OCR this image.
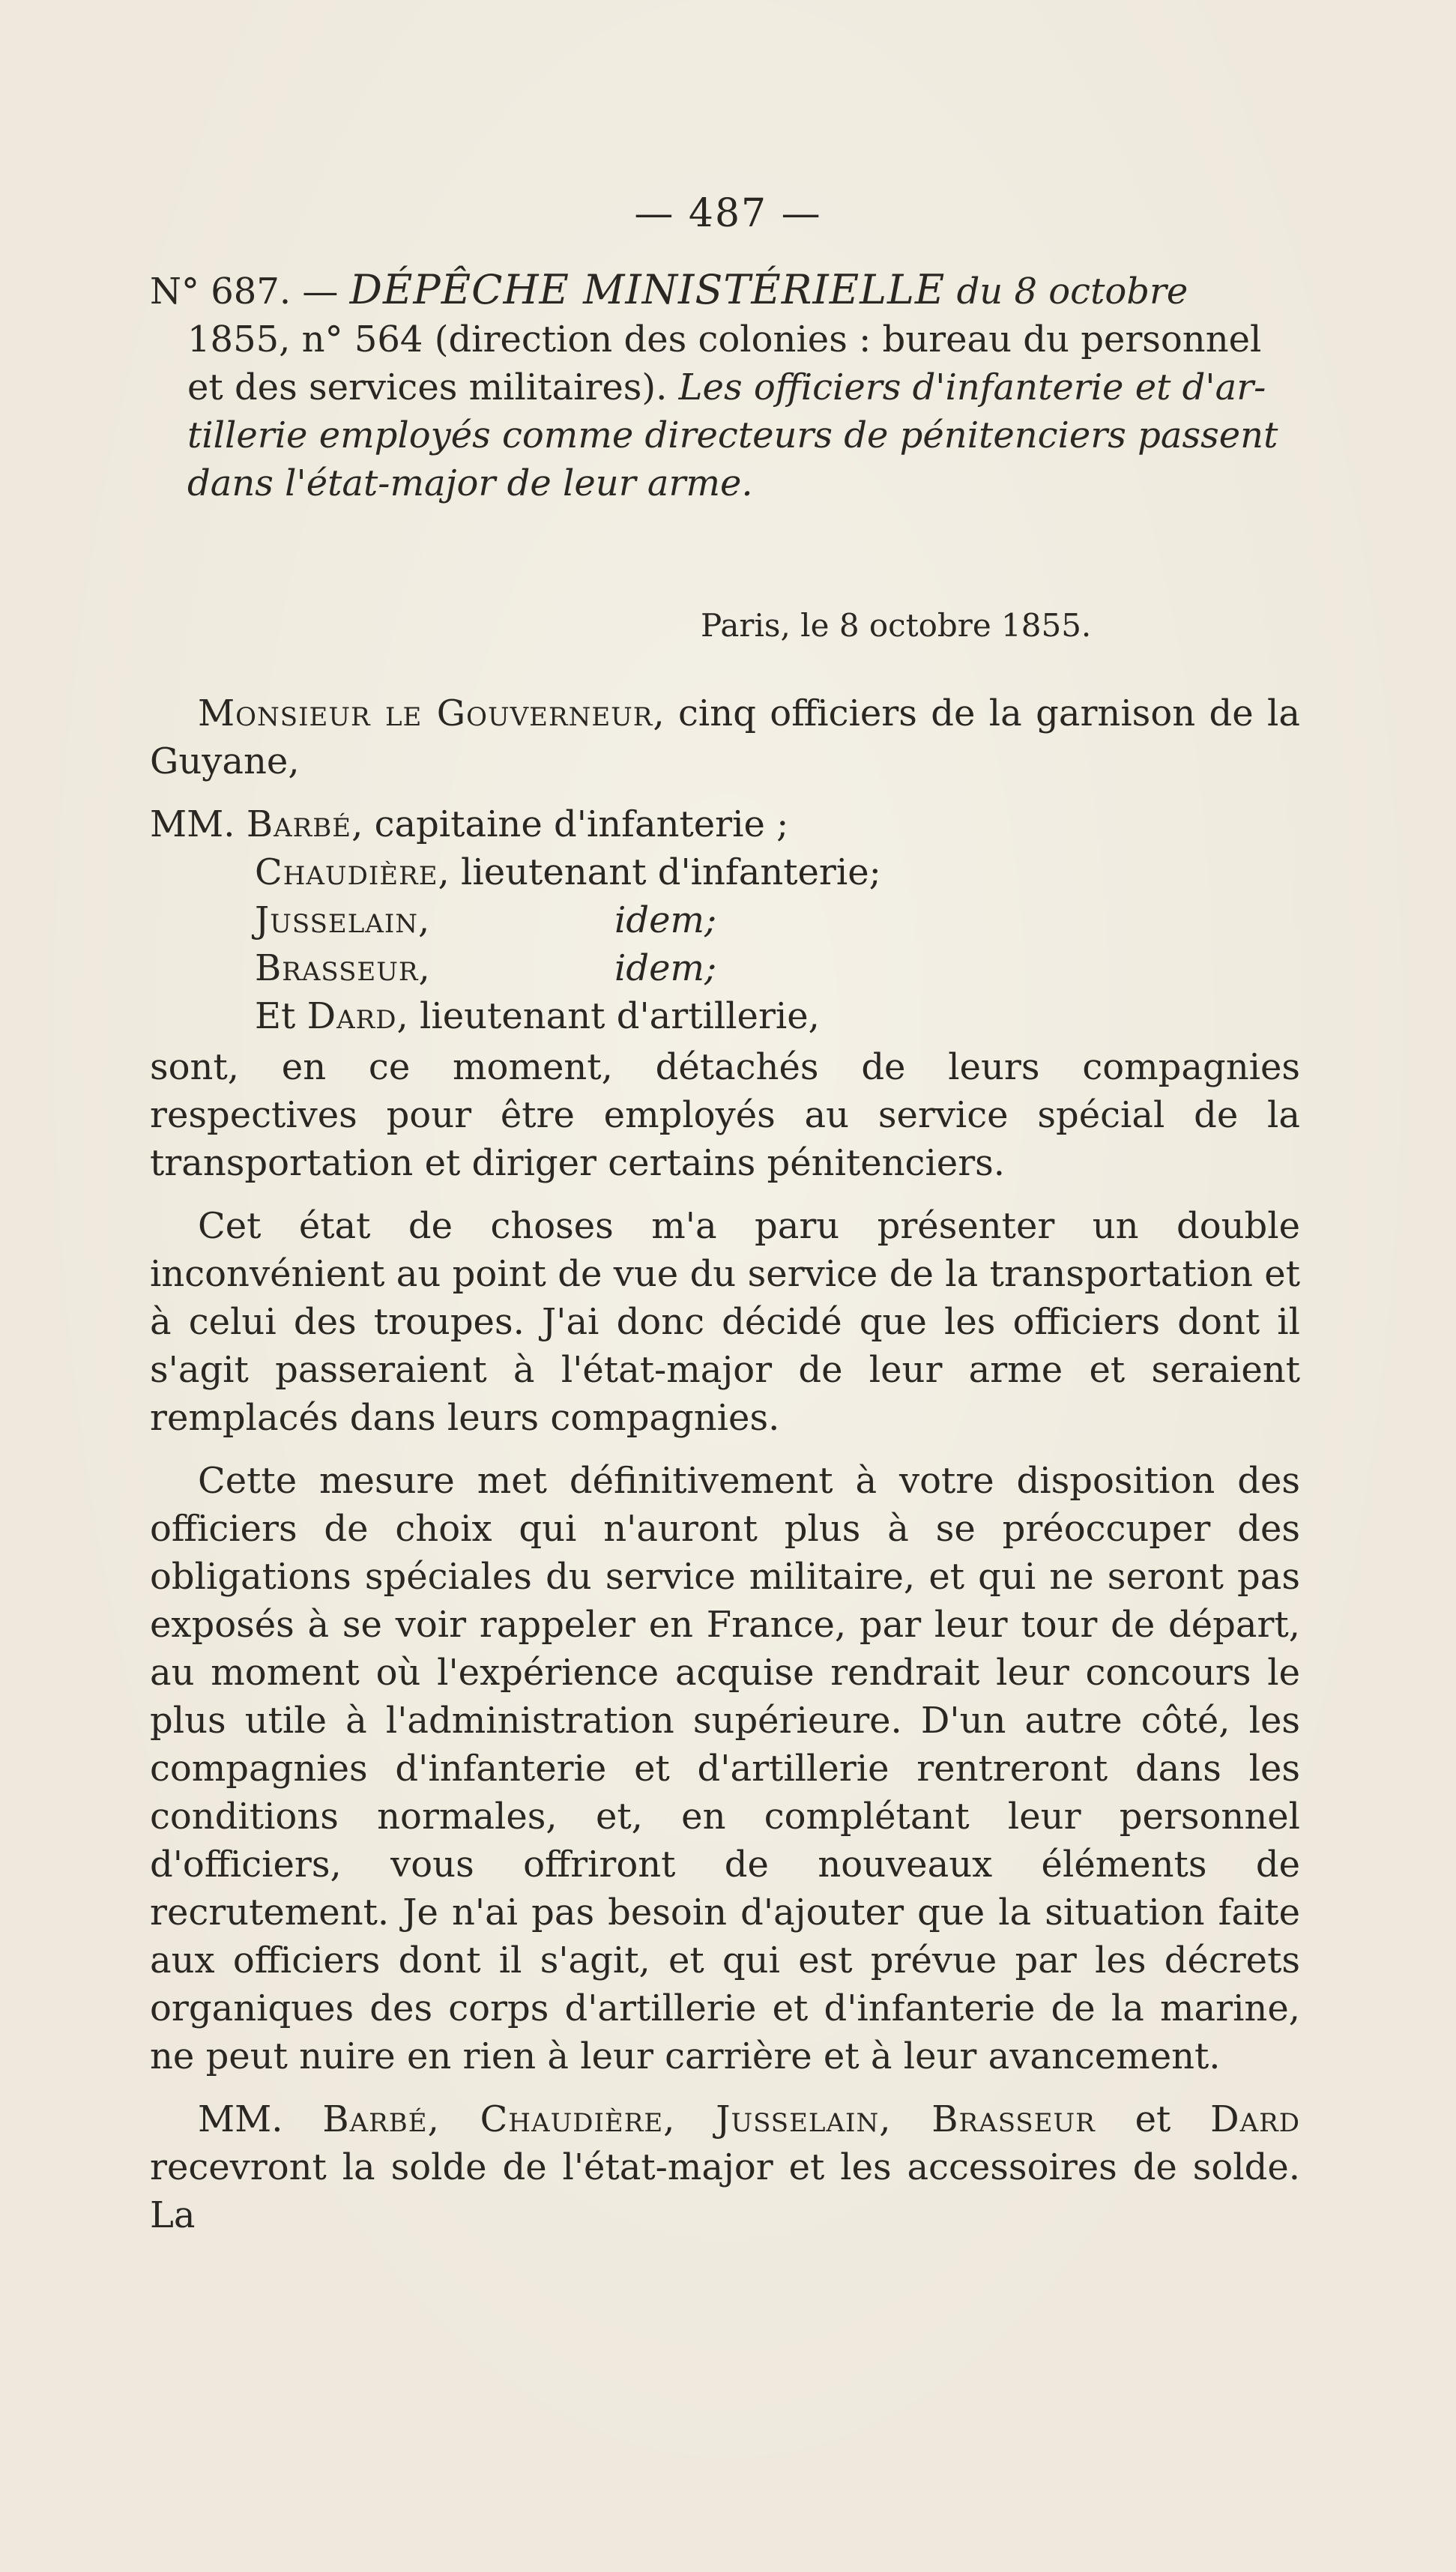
— 487 —
N° 687. — DÉPÊCHE MINISTÉRIELLE du 8 octobre
1855, n° 564 (direction des colonies : bureau du personnel
et des services militaires). Les officiers d'infanterie et d'ar-
tillerie employés comme directeurs de pénitenciers passent
dans l'état-major de leur arme.
Paris, le 8 octobre 1855.

Monsieur le Gouverneur, cinq officiers de la garnison de la Guyane,

MM.
Barbé , capitaine d'infanterie ;
Chaudière , lieutenant d'infanterie;
Jusselain,	idem;
Brasseur,	idem;
Et
Dard , lieutenant d'artillerie,

sont, en ce moment, détachés de leurs compagnies respectives pour être employés au service spécial de la transportation et diriger certains pénitenciers.

Cet état de choses m'a paru présenter un double inconvénient au point de vue du service de la transportation et à celui des troupes. J'ai donc décidé que les officiers dont il s'agit passeraient à l'état-major de leur arme et seraient remplacés dans leurs compagnies.

Cette mesure met définitivement à votre disposition des officiers de choix qui n'auront plus à se préoccuper des obligations spéciales du service militaire, et qui ne seront pas exposés à se voir rappeler en France, par leur tour de départ, au moment où l'expérience acquise rendrait leur concours le plus utile à l'administration supérieure. D'un autre côté, les compagnies d'infanterie et d'artillerie rentreront dans les conditions normales, et, en complétant leur personnel d'officiers, vous offriront de nouveaux éléments de recrutement. Je n'ai pas besoin d'ajouter que la situation faite aux officiers dont il s'agit, et qui est prévue par les décrets organiques des corps d'artillerie et d'infanterie de la marine, ne peut nuire en rien à leur carrière et à leur avancement.

MM. Barbé, Chaudière, Jusselain, Brasseur et Dard recevront la solde de l'état-major et les accessoires de solde. La
